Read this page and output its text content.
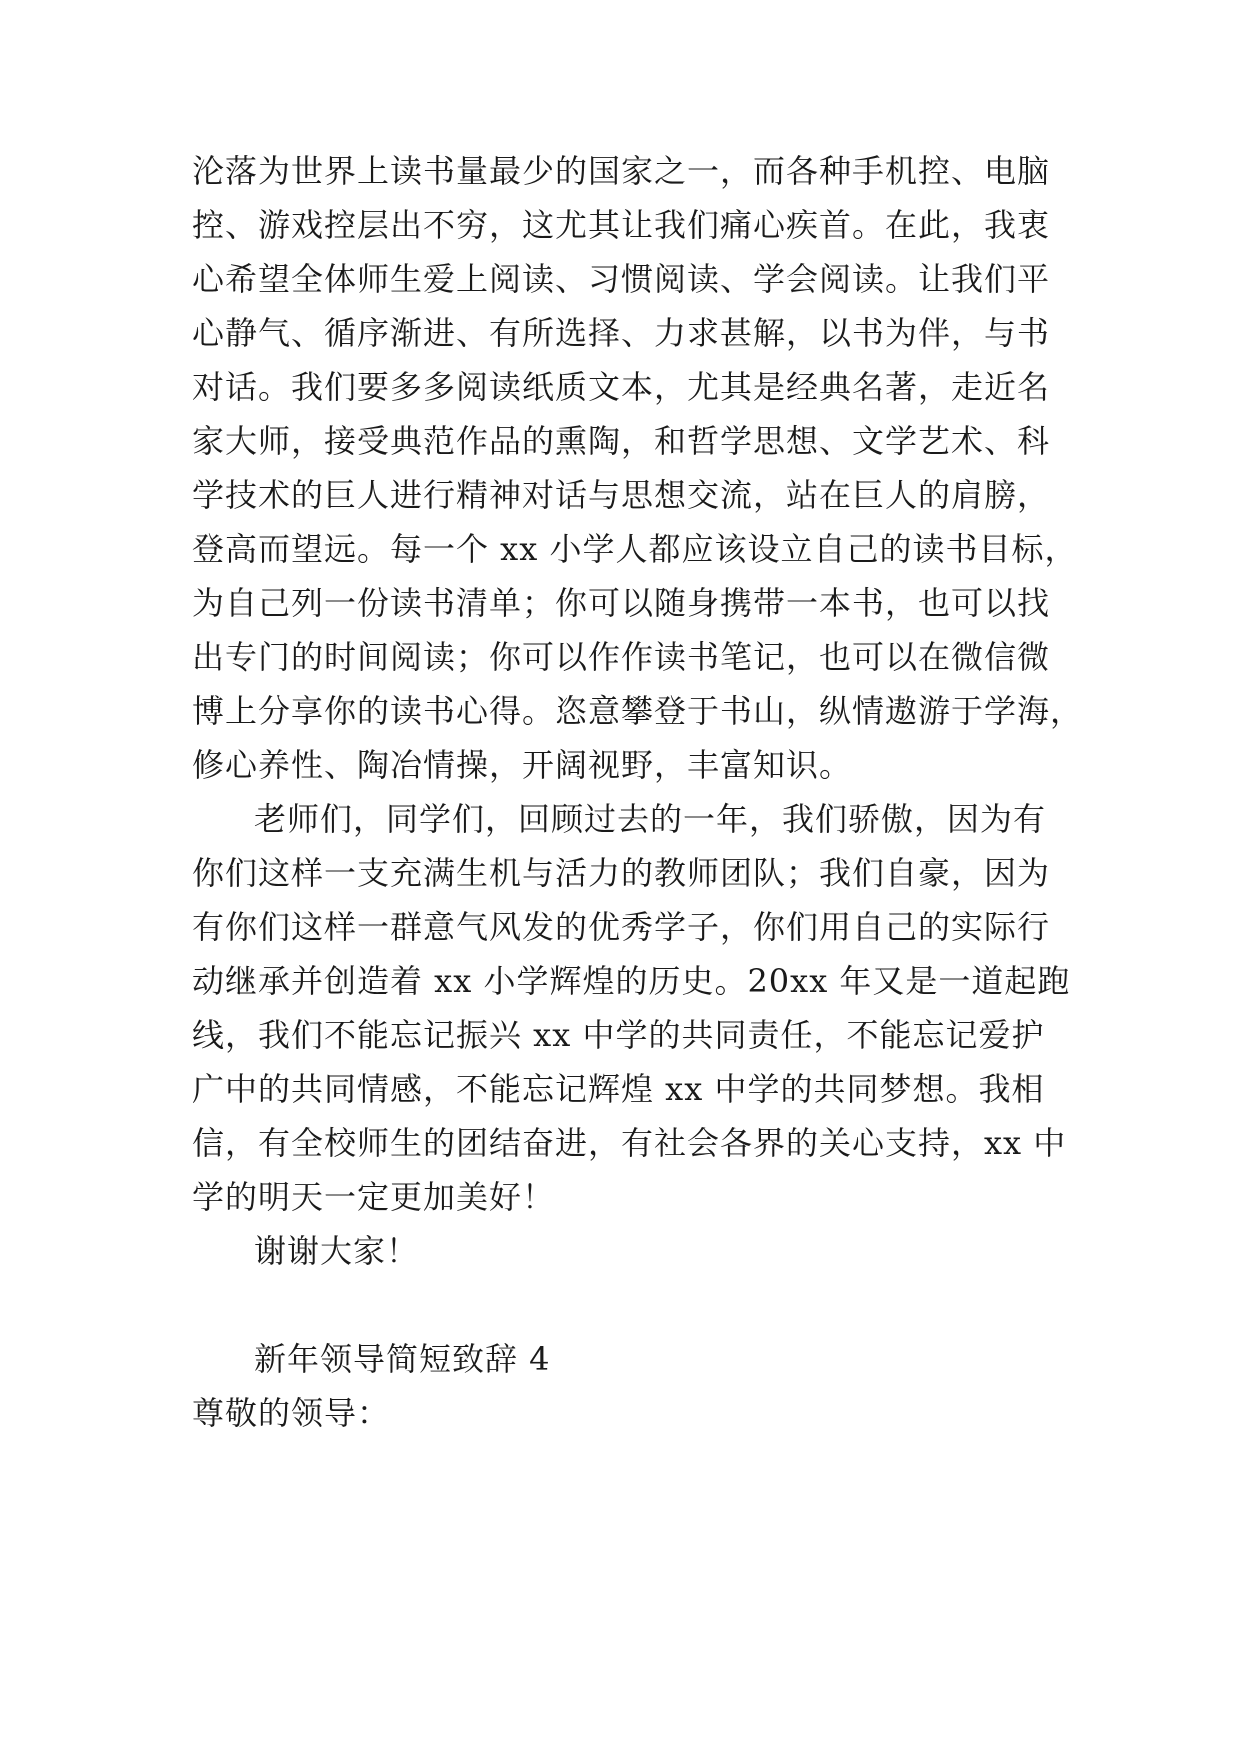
沦落为世界上读书量最少的国家之一，而各种手机控、电脑
控、游戏控层出不穷，这尤其让我们痛心疾首。在此，我衷
心希望全体师生爱上阅读、习惯阅读、学会阅读。让我们平
心静气、循序渐进、有所选择、力求甚解，以书为伴，与书
对话。我们要多多阅读纸质文本，尤其是经典名著，走近名
家大师，接受典范作品的熏陶，和哲学思想、文学艺术、科
学技术的巨人进行精神对话与思想交流，站在巨人的肩膀，
登高而望远。每一个 xx 小学人都应该设立自己的读书目标，
为自己列一份读书清单；你可以随身携带一本书，也可以找
出专门的时间阅读；你可以作作读书笔记，也可以在微信微
博上分享你的读书心得。恣意攀登于书山，纵情遨游于学海，
修心养性、陶冶情操，开阔视野，丰富知识。
老师们，同学们，回顾过去的一年，我们骄傲，因为有
你们这样一支充满生机与活力的教师团队；我们自豪，因为
有你们这样一群意气风发的优秀学子，你们用自己的实际行
动继承并创造着 xx 小学辉煌的历史。20xx 年又是一道起跑
线，我们不能忘记振兴 xx 中学的共同责任，不能忘记爱护
广中的共同情感，不能忘记辉煌 xx 中学的共同梦想。我相
信，有全校师生的团结奋进，有社会各界的关心支持，xx 中
学的明天一定更加美好！
谢谢大家！
新年领导简短致辞 4
尊敬的领导：
